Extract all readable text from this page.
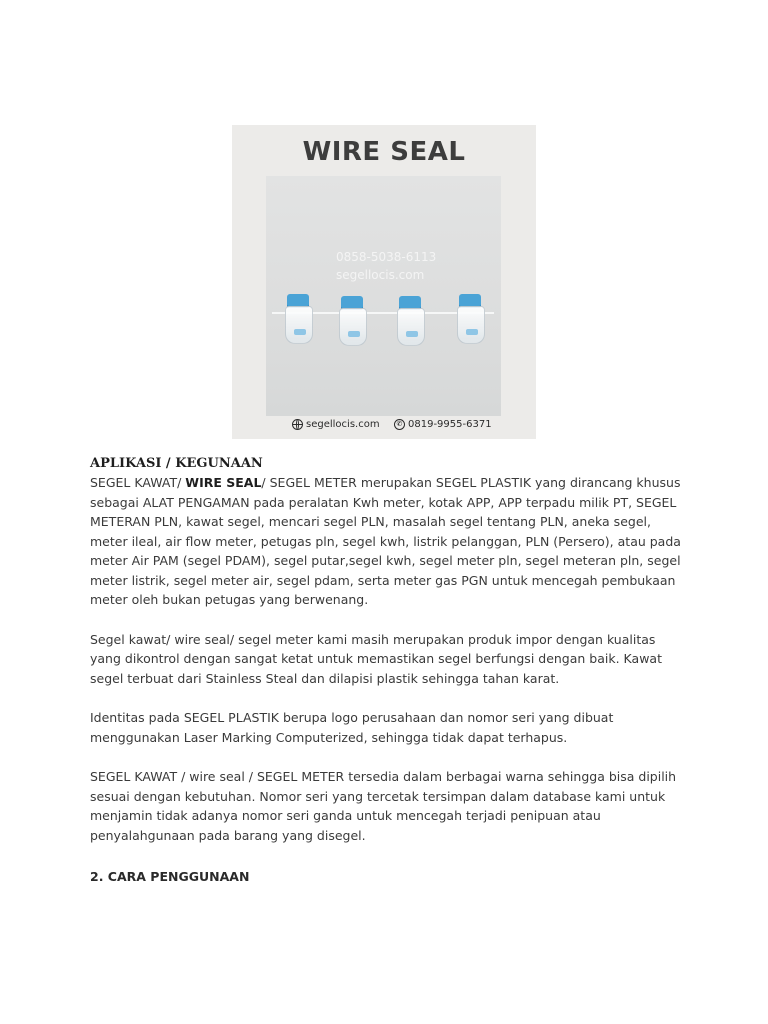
WIRE SEAL
0858-5038-6113
segellocis.com
segellocis.com	✆ 0819-9955-6371
APLIKASI / KEGUNAAN

SEGEL KAWAT/ WIRE SEAL/ SEGEL METER merupakan SEGEL PLASTIK yang dirancang khusus sebagai ALAT PENGAMAN pada peralatan Kwh meter, kotak APP, APP terpadu milik PT, SEGEL METERAN PLN, kawat segel, mencari segel PLN, masalah segel tentang PLN, aneka segel, meter ileal, air flow meter, petugas pln, segel kwh, listrik pelanggan, PLN (Persero), atau pada meter Air PAM (segel PDAM), segel putar,segel kwh, segel meter pln, segel meteran pln, segel meter listrik, segel meter air, segel pdam, serta meter gas PGN untuk mencegah pembukaan meter oleh bukan petugas yang berwenang.

Segel kawat/ wire seal/ segel meter kami masih merupakan produk impor dengan kualitas yang dikontrol dengan sangat ketat untuk memastikan segel berfungsi dengan baik. Kawat segel terbuat dari Stainless Steal dan dilapisi plastik sehingga tahan karat.

Identitas pada SEGEL PLASTIK berupa logo perusahaan dan nomor seri yang dibuat menggunakan Laser Marking Computerized, sehingga tidak dapat terhapus.

SEGEL KAWAT / wire seal / SEGEL METER tersedia dalam berbagai warna sehingga bisa dipilih sesuai dengan kebutuhan. Nomor seri yang tercetak tersimpan dalam database kami untuk menjamin tidak adanya nomor seri ganda untuk mencegah terjadi penipuan atau penyalahgunaan pada barang yang disegel.

2. CARA PENGGUNAAN
